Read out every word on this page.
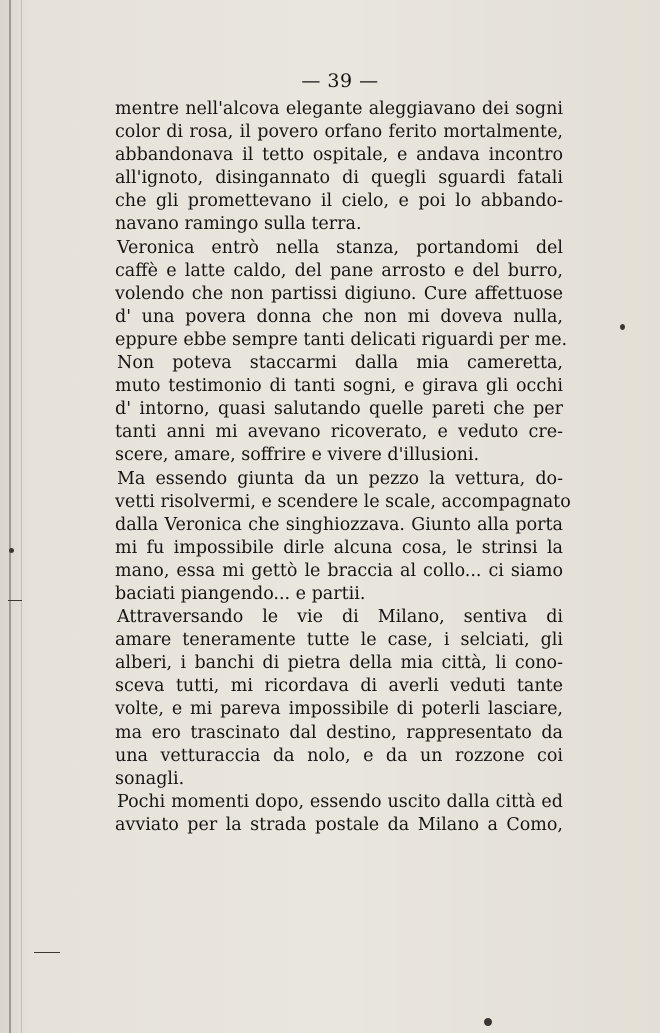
— 39 —
mentre nell'alcova elegante aleggiavano dei sogni
color di rosa, il povero orfano ferito mortalmente,
abbandonava il tetto ospitale, e andava incontro
all'ignoto, disingannato di quegli sguardi fatali
che gli promettevano il cielo, e poi lo abbando-
navano ramingo sulla terra.
Veronica entrò nella stanza, portandomi del
caffè e latte caldo, del pane arrosto e del burro,
volendo che non partissi digiuno. Cure affettuose
d' una povera donna che non mi doveva nulla,
eppure ebbe sempre tanti delicati riguardi per me.
Non poteva staccarmi dalla mia cameretta,
muto testimonio di tanti sogni, e girava gli occhi
d' intorno, quasi salutando quelle pareti che per
tanti anni mi avevano ricoverato, e veduto cre-
scere, amare, soffrire e vivere d'illusioni.
Ma essendo giunta da un pezzo la vettura, do-
vetti risolvermi, e scendere le scale, accompagnato
dalla Veronica che singhiozzava. Giunto alla porta
mi fu impossibile dirle alcuna cosa, le strinsi la
mano, essa mi gettò le braccia al collo... ci siamo
baciati piangendo... e partii.
Attraversando le vie di Milano, sentiva di
amare teneramente tutte le case, i selciati, gli
alberi, i banchi di pietra della mia città, li cono-
sceva tutti, mi ricordava di averli veduti tante
volte, e mi pareva impossibile di poterli lasciare,
ma ero trascinato dal destino, rappresentato da
una vetturaccia da nolo, e da un rozzone coi
sonagli.
Pochi momenti dopo, essendo uscito dalla città ed
avviato per la strada postale da Milano a Como,
